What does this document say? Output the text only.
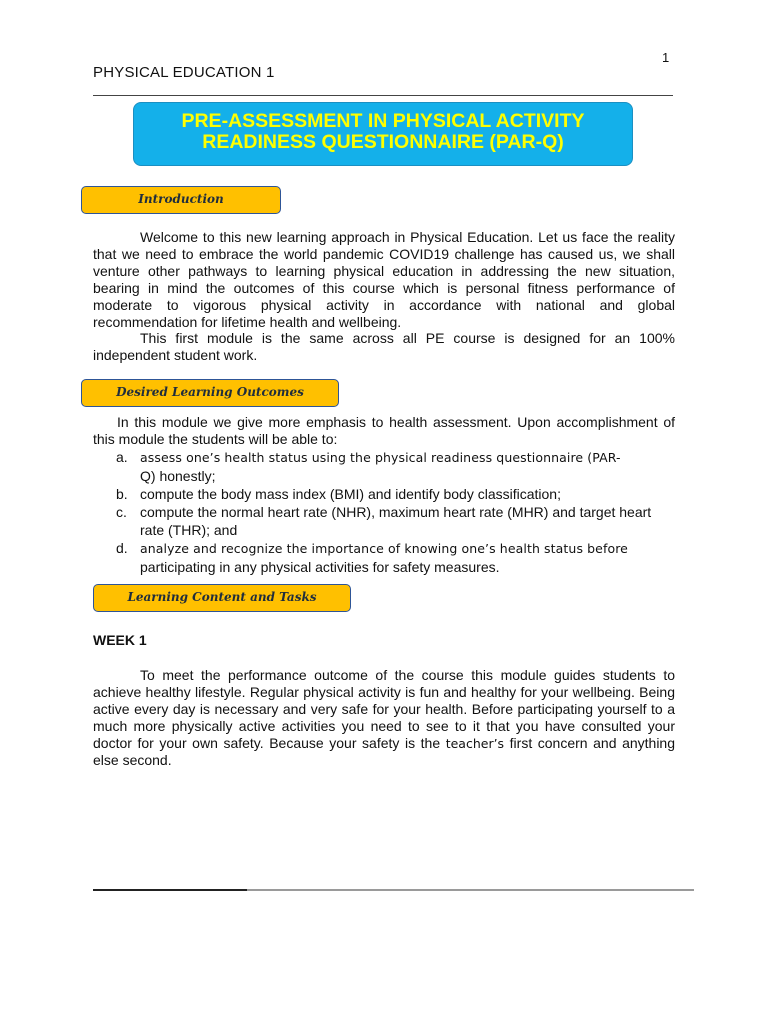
1
PHYSICAL EDUCATION 1
PRE-ASSESSMENT IN PHYSICAL ACTIVITY
READINESS QUESTIONNAIRE (PAR-Q)
Introduction

Welcome to this new learning approach in Physical Education. Let us face the reality that we need to embrace the world pandemic COVID19 challenge has caused us, we shall venture other pathways to learning physical education in addressing the new situation, bearing in mind the outcomes of this course which is personal fitness performance of moderate to vigorous physical activity in accordance with national and global recommendation for lifetime health and wellbeing.

This first module is the same across all PE course is designed for an 100% independent student work.

Desired Learning Outcomes

In this module we give more emphasis to health assessment. Upon accomplishment of this module the students will be able to:

a. assess one’s health status using the physical readiness questionnaire (PAR-
Q) honestly;
b. compute the body mass index (BMI) and identify body classification;
c. compute the normal heart rate (NHR), maximum heart rate (MHR) and target heart rate (THR); and
d. analyze and recognize the importance of knowing one’s health status before
participating in any physical activities for safety measures.
Learning Content and Tasks
WEEK 1

To meet the performance outcome of the course this module guides students to achieve healthy lifestyle. Regular physical activity is fun and healthy for your wellbeing. Being active every day is necessary and very safe for your health. Before participating yourself to a much more physically active activities you need to see to it that you have consulted your doctor for your own safety. Because your safety is the teacher’s first concern and anything else second.
